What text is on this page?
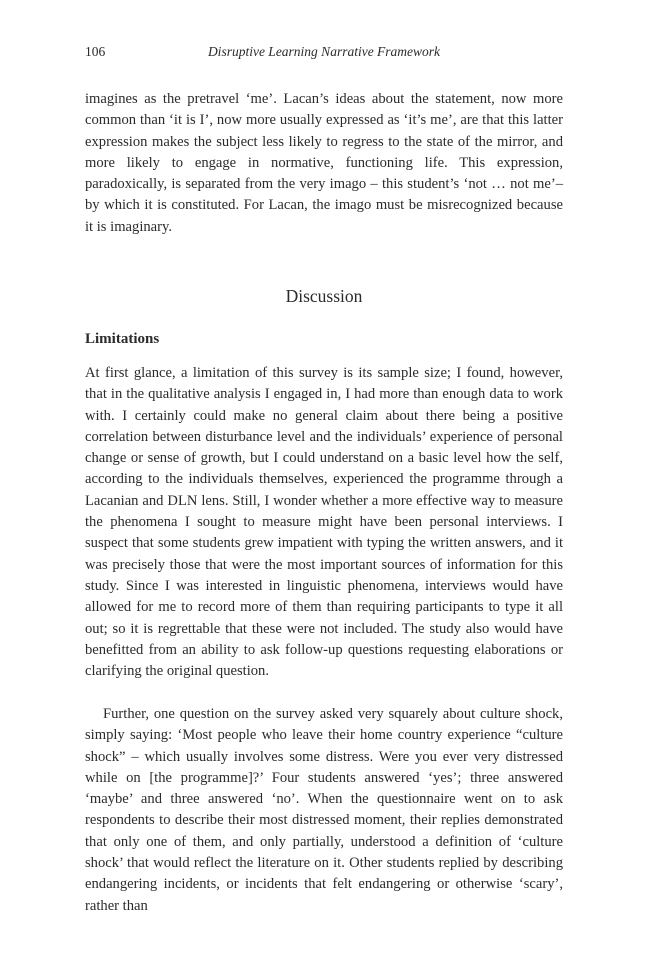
106	Disruptive Learning Narrative Framework

imagines as the pretravel ‘me’. Lacan’s ideas about the statement, now more common than ‘it is I’, now more usually expressed as ‘it’s me’, are that this latter expression makes the subject less likely to regress to the state of the mirror, and more likely to engage in normative, functioning life. This expression, paradoxically, is separated from the very imago – this student’s ‘not … not me’– by which it is constituted. For Lacan, the imago must be misrecognized because it is imaginary.

Discussion
Limitations

At first glance, a limitation of this survey is its sample size; I found, however, that in the qualitative analysis I engaged in, I had more than enough data to work with. I certainly could make no general claim about there being a positive correlation between disturbance level and the individuals’ experience of personal change or sense of growth, but I could understand on a basic level how the self, according to the individuals themselves, experienced the programme through a Lacanian and DLN lens. Still, I wonder whether a more effective way to measure the phenomena I sought to measure might have been personal interviews. I suspect that some students grew impatient with typing the written answers, and it was precisely those that were the most important sources of information for this study. Since I was interested in linguistic phenomena, interviews would have allowed for me to record more of them than requiring participants to type it all out; so it is regrettable that these were not included. The study also would have benefitted from an ability to ask follow-up questions requesting elaborations or clarifying the original question.

Further, one question on the survey asked very squarely about culture shock, simply saying: ‘Most people who leave their home country experience “culture shock” – which usually involves some distress. Were you ever very distressed while on [the programme]?’ Four students answered ‘yes’; three answered ‘maybe’ and three answered ‘no’. When the questionnaire went on to ask respondents to describe their most distressed moment, their replies demonstrated that only one of them, and only partially, understood a definition of ‘culture shock’ that would reflect the literature on it. Other students replied by describing endangering incidents, or incidents that felt endangering or otherwise ‘scary’, rather than
